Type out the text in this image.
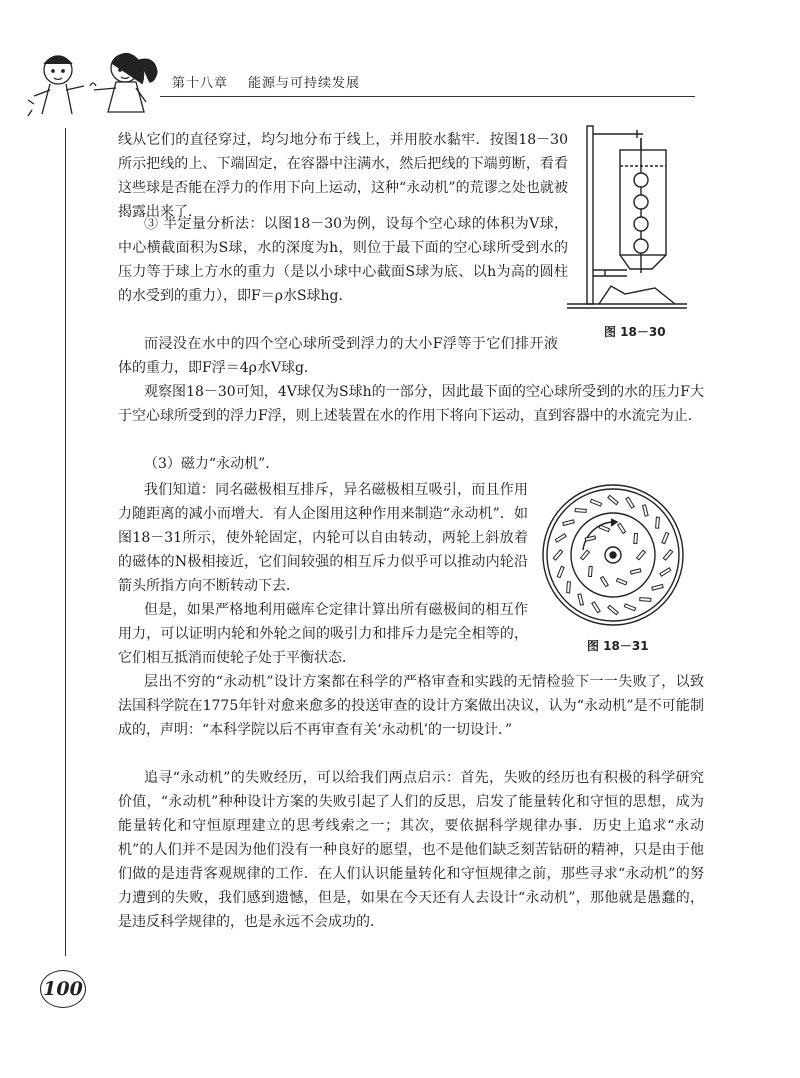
第十八章 能源与可持续发展
线从它们的直径穿过，均匀地分布于线上，并用胶水黏牢．按图18－30所示把线的上、下端固定，在容器中注满水，然后把线的下端剪断，看看这些球是否能在浮力的作用下向上运动，这种“永动机”的荒谬之处也就被揭露出来了．
③ 半定量分析法：以图18－30为例，设每个空心球的体积为V球，中心横截面积为S球，水的深度为h，则位于最下面的空心球所受到水的压力等于球上方水的重力（是以小球中心截面S球为底、以h为高的圆柱的水受到的重力），即F＝ρ水S球hg．
而浸没在水中的四个空心球所受到浮力的大小F浮等于它们排开液体的重力，即F浮＝4ρ水V球g．
观察图18－30可知，4V球仅为S球h的一部分，因此最下面的空心球所受到的水的压力F大于空心球所受到的浮力F浮，则上述装置在水的作用下将向下运动，直到容器中的水流完为止．
（3）磁力“永动机”．
我们知道：同名磁极相互排斥，异名磁极相互吸引，而且作用力随距离的减小而增大．有人企图用这种作用来制造“永动机”．如图18－31所示，使外轮固定，内轮可以自由转动，两轮上斜放着的磁体的N极相接近，它们间较强的相互斥力似乎可以推动内轮沿箭头所指方向不断转动下去．
但是，如果严格地利用磁库仑定律计算出所有磁极间的相互作用力，可以证明内轮和外轮之间的吸引力和排斥力是完全相等的，它们相互抵消而使轮子处于平衡状态．
层出不穷的“永动机”设计方案都在科学的严格审查和实践的无情检验下一一失败了，以致法国科学院在1775年针对愈来愈多的投送审查的设计方案做出决议，认为“永动机”是不可能制成的，声明：“本科学院以后不再审查有关‘永动机’的一切设计．”
追寻“永动机”的失败经历，可以给我们两点启示：首先，失败的经历也有积极的科学研究价值，“永动机”种种设计方案的失败引起了人们的反思，启发了能量转化和守恒的思想，成为能量转化和守恒原理建立的思考线索之一；其次，要依据科学规律办事．历史上追求“永动机”的人们并不是因为他们没有一种良好的愿望，也不是他们缺乏刻苦钻研的精神，只是由于他们做的是违背客观规律的工作．在人们认识能量转化和守恒规律之前，那些寻求“永动机”的努力遭到的失败，我们感到遗憾，但是，如果在今天还有人去设计“永动机”，那他就是愚蠢的，是违反科学规律的，也是永远不会成功的．
图 18－30
图 18－31
100
